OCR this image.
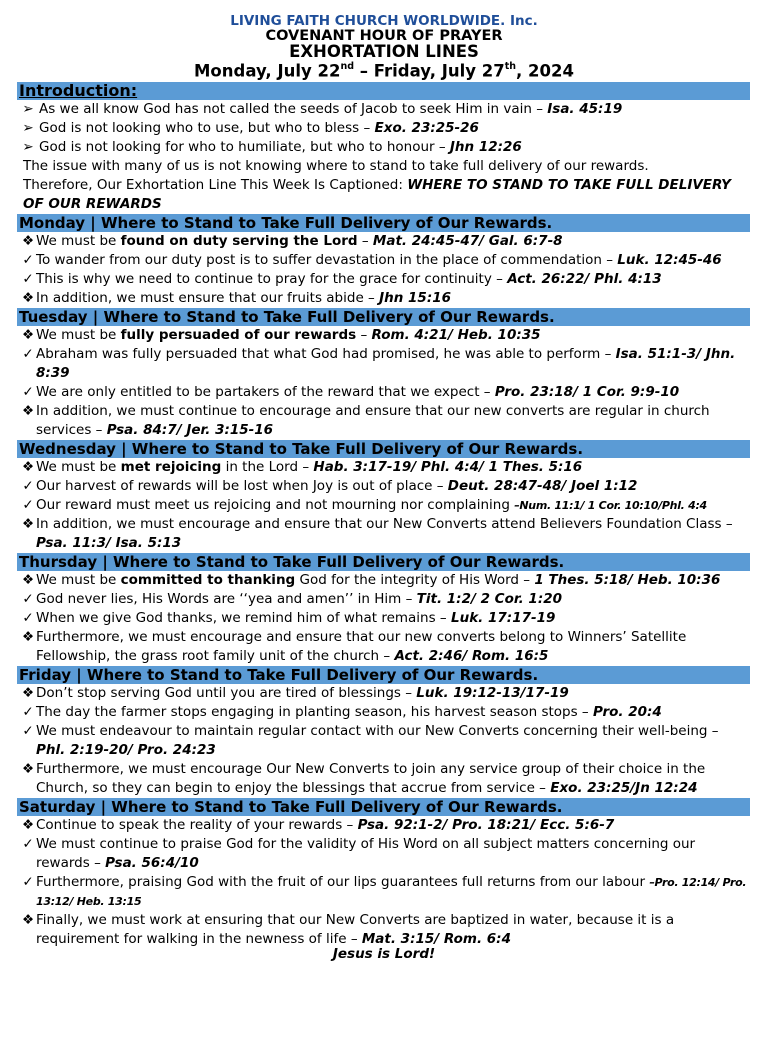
LIVING FAITH CHURCH WORLDWIDE. Inc.
COVENANT HOUR OF PRAYER
EXHORTATION LINES
Monday, July 22nd – Friday, July 27th, 2024
Introduction:
➢ As we all know God has not called the seeds of Jacob to seek Him in vain – Isa. 45:19
➢ God is not looking who to use, but who to bless – Exo. 23:25-26
➢ God is not looking for who to humiliate, but who to honour – Jhn 12:26
The issue with many of us is not knowing where to stand to take full delivery of our rewards.
Therefore, Our Exhortation Line This Week Is Captioned: WHERE TO STAND TO TAKE FULL DELIVERY OF OUR REWARDS
Monday | Where to Stand to Take Full Delivery of Our Rewards.
❖ We must be found on duty serving the Lord – Mat. 24:45-47/ Gal. 6:7-8
✓ To wander from our duty post is to suffer devastation in the place of commendation – Luk. 12:45-46
✓ This is why we need to continue to pray for the grace for continuity – Act. 26:22/ Phl. 4:13
❖ In addition, we must ensure that our fruits abide – Jhn 15:16
Tuesday | Where to Stand to Take Full Delivery of Our Rewards.
❖ We must be fully persuaded of our rewards – Rom. 4:21/ Heb. 10:35
✓ Abraham was fully persuaded that what God had promised, he was able to perform – Isa. 51:1-3/ Jhn. 8:39
✓ We are only entitled to be partakers of the reward that we expect – Pro. 23:18/ 1 Cor. 9:9-10
❖ In addition, we must continue to encourage and ensure that our new converts are regular in church services – Psa. 84:7/ Jer. 3:15-16
Wednesday | Where to Stand to Take Full Delivery of Our Rewards.
❖ We must be met rejoicing in the Lord – Hab. 3:17-19/ Phl. 4:4/ 1 Thes. 5:16
✓ Our harvest of rewards will be lost when Joy is out of place – Deut. 28:47-48/ Joel 1:12
✓ Our reward must meet us rejoicing and not mourning nor complaining –Num. 11:1/ 1 Cor. 10:10/Phl. 4:4
❖ In addition, we must encourage and ensure that our New Converts attend Believers Foundation Class – Psa. 11:3/ Isa. 5:13
Thursday | Where to Stand to Take Full Delivery of Our Rewards.
❖ We must be committed to thanking God for the integrity of His Word – 1 Thes. 5:18/ Heb. 10:36
✓ God never lies, His Words are ‘‘yea and amen’’ in Him – Tit. 1:2/ 2 Cor. 1:20
✓ When we give God thanks, we remind him of what remains – Luk. 17:17-19
❖ Furthermore, we must encourage and ensure that our new converts belong to Winners’ Satellite Fellowship, the grass root family unit of the church – Act. 2:46/ Rom. 16:5
Friday | Where to Stand to Take Full Delivery of Our Rewards.
❖ Don’t stop serving God until you are tired of blessings – Luk. 19:12-13/17-19
✓ The day the farmer stops engaging in planting season, his harvest season stops – Pro. 20:4
✓ We must endeavour to maintain regular contact with our New Converts concerning their well-being – Phl. 2:19-20/ Pro. 24:23
❖ Furthermore, we must encourage Our New Converts to join any service group of their choice in the Church, so they can begin to enjoy the blessings that accrue from service – Exo. 23:25/Jn 12:24
Saturday | Where to Stand to Take Full Delivery of Our Rewards.
❖ Continue to speak the reality of your rewards – Psa. 92:1-2/ Pro. 18:21/ Ecc. 5:6-7
✓ We must continue to praise God for the validity of His Word on all subject matters concerning our rewards – Psa. 56:4/10
✓ Furthermore, praising God with the fruit of our lips guarantees full returns from our labour –Pro. 12:14/ Pro. 13:12/ Heb. 13:15
❖ Finally, we must work at ensuring that our New Converts are baptized in water, because it is a requirement for walking in the newness of life – Mat. 3:15/ Rom. 6:4
Jesus is Lord!
